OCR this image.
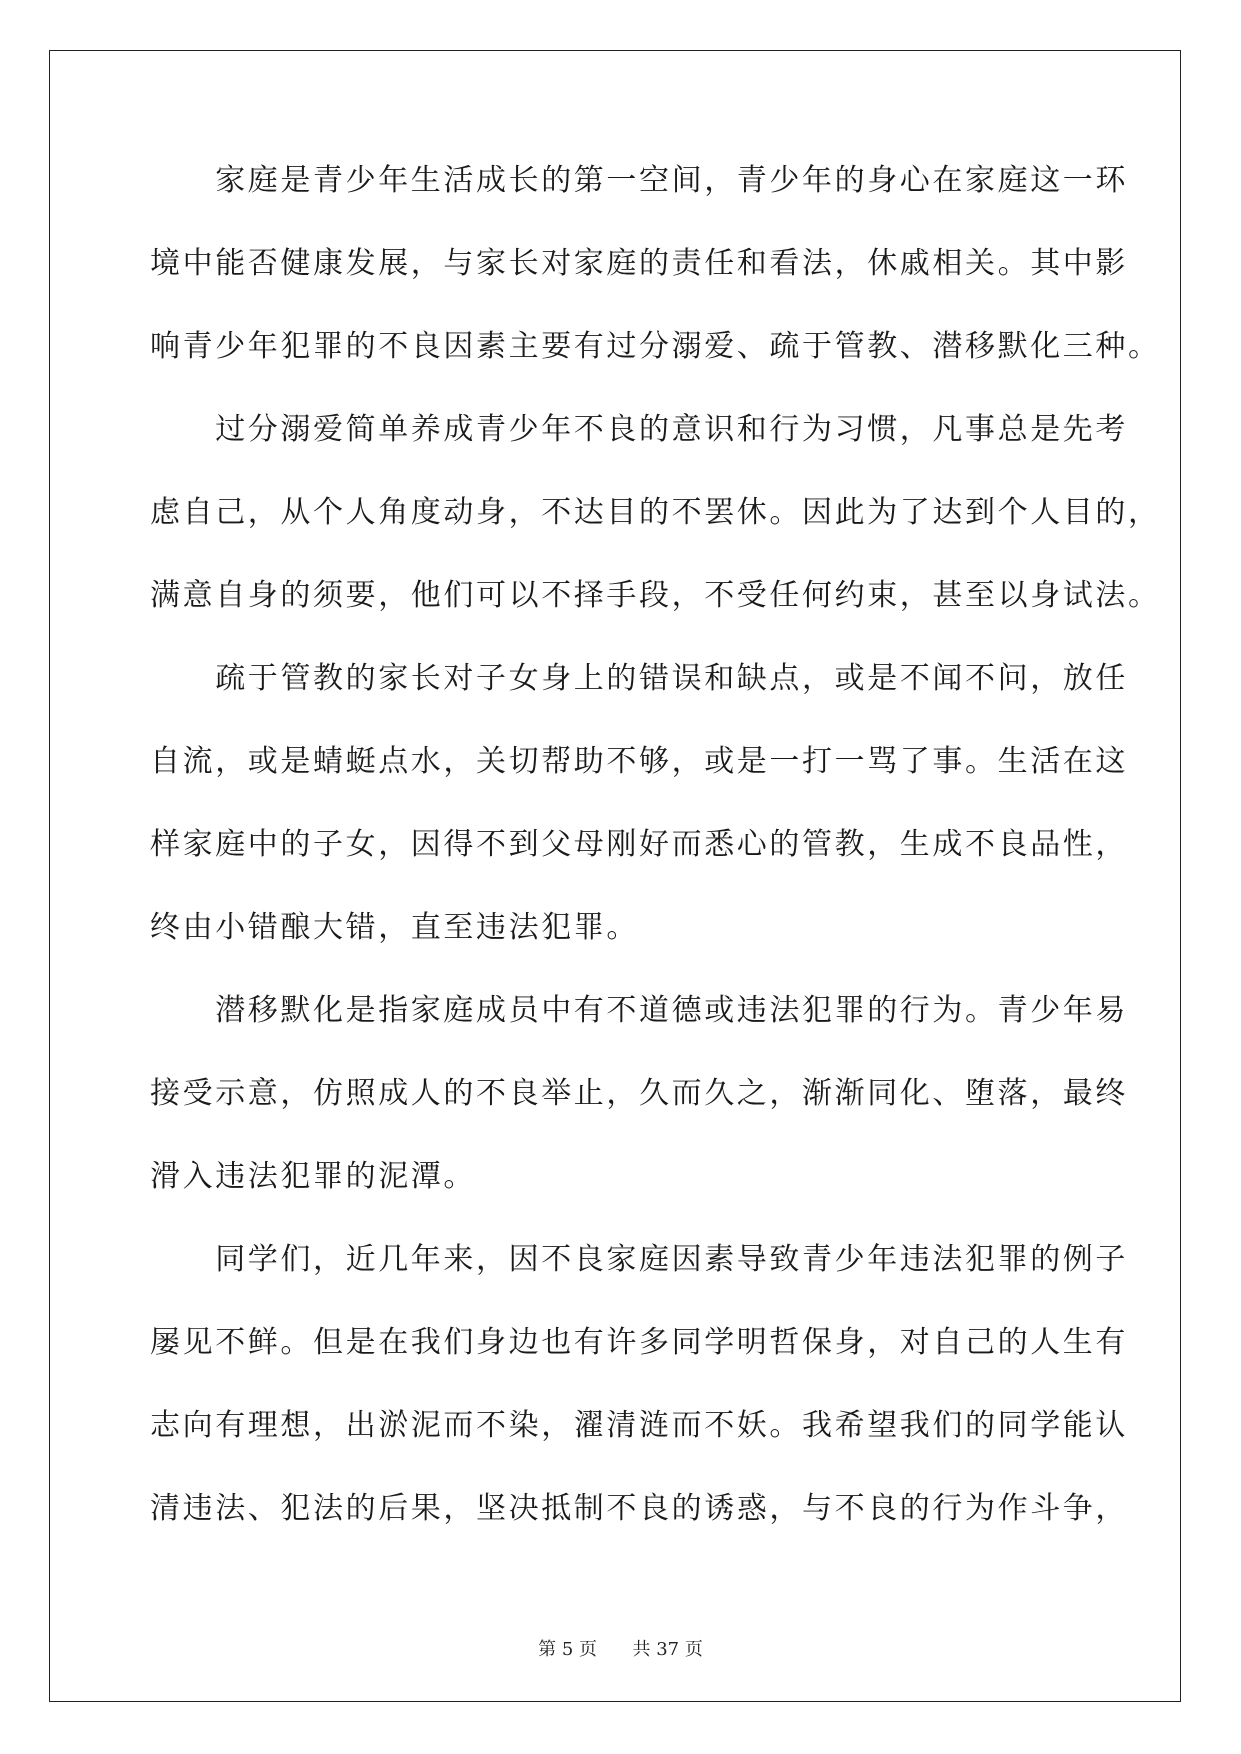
　　家庭是青少年生活成长的第一空间，青少年的身心在家庭这一环
境中能否健康发展，与家长对家庭的责任和看法，休戚相关。其中影
响青少年犯罪的不良因素主要有过分溺爱、疏于管教、潜移默化三种。
　　过分溺爱简单养成青少年不良的意识和行为习惯，凡事总是先考
虑自己，从个人角度动身，不达目的不罢休。因此为了达到个人目的，
满意自身的须要，他们可以不择手段，不受任何约束，甚至以身试法。
　　疏于管教的家长对子女身上的错误和缺点，或是不闻不问，放任
自流，或是蜻蜓点水，关切帮助不够，或是一打一骂了事。生活在这
样家庭中的子女，因得不到父母刚好而悉心的管教，生成不良品性，
终由小错酿大错，直至违法犯罪。
　　潜移默化是指家庭成员中有不道德或违法犯罪的行为。青少年易
接受示意，仿照成人的不良举止，久而久之，渐渐同化、堕落，最终
滑入违法犯罪的泥潭。
　　同学们，近几年来，因不良家庭因素导致青少年违法犯罪的例子
屡见不鲜。但是在我们身边也有许多同学明哲保身，对自己的人生有
志向有理想，出淤泥而不染，濯清涟而不妖。我希望我们的同学能认
清违法、犯法的后果，坚决抵制不良的诱惑，与不良的行为作斗争，
第 5 页 共 37 页
